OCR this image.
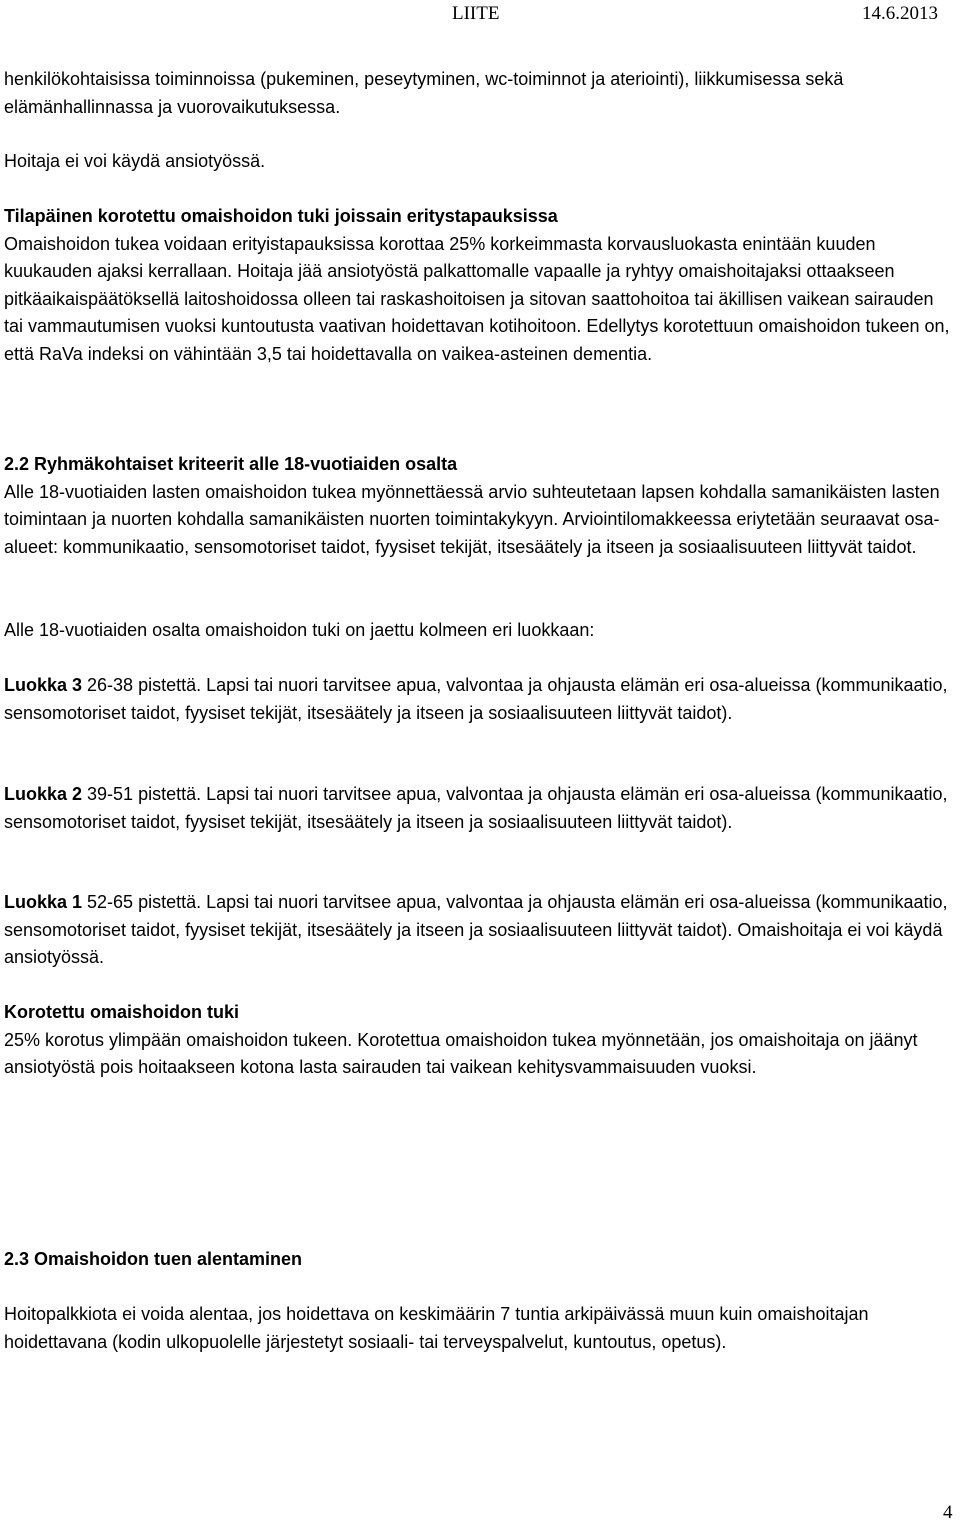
LIITE	14.6.2013
henkilökohtaisissa toiminnoissa (pukeminen, peseytyminen, wc-toiminnot ja ateriointi), liikkumisessa sekä elämänhallinnassa ja vuorovaikutuksessa.
Hoitaja ei voi käydä ansiotyössä.
Tilapäinen korotettu omaishoidon tuki joissain eritystapauksissa
Omaishoidon tukea voidaan erityistapauksissa korottaa 25% korkeimmasta korvausluokasta enintään kuuden kuukauden ajaksi kerrallaan. Hoitaja jää ansiotyöstä palkattomalle vapaalle ja ryhtyy omaishoitajaksi ottaakseen pitkäaikaispäätöksellä laitoshoidossa olleen tai raskashoitoisen ja sitovan saattohoitoa tai äkillisen vaikean sairauden tai vammautumisen vuoksi kuntoutusta vaativan hoidettavan kotihoitoon. Edellytys korotettuun omaishoidon tukeen on, että RaVa indeksi on vähintään 3,5 tai hoidettavalla on vaikea-asteinen dementia.
2.2 Ryhmäkohtaiset kriteerit alle 18-vuotiaiden osalta
Alle 18-vuotiaiden lasten omaishoidon tukea myönnettäessä arvio suhteutetaan lapsen kohdalla samanikäisten lasten toimintaan ja nuorten kohdalla samanikäisten nuorten toimintakykyyn. Arviointilomakkeessa eriytetään seuraavat osa-alueet: kommunikaatio, sensomotoriset taidot, fyysiset tekijät, itsesäätely ja itseen ja sosiaalisuuteen liittyvät taidot.
Alle 18-vuotiaiden osalta omaishoidon tuki on jaettu kolmeen eri luokkaan:
Luokka 3 26-38 pistettä. Lapsi tai nuori tarvitsee apua, valvontaa ja ohjausta elämän eri osa-alueissa (kommunikaatio, sensomotoriset taidot, fyysiset tekijät, itsesäätely ja itseen ja sosiaalisuuteen liittyvät taidot).
Luokka 2 39-51 pistettä. Lapsi tai nuori tarvitsee apua, valvontaa ja ohjausta elämän eri osa-alueissa (kommunikaatio, sensomotoriset taidot, fyysiset tekijät, itsesäätely ja itseen ja sosiaalisuuteen liittyvät taidot).
Luokka 1 52-65 pistettä. Lapsi tai nuori tarvitsee apua, valvontaa ja ohjausta elämän eri osa-alueissa (kommunikaatio, sensomotoriset taidot, fyysiset tekijät, itsesäätely ja itseen ja sosiaalisuuteen liittyvät taidot). Omaishoitaja ei voi käydä ansiotyössä.
Korotettu omaishoidon tuki
25% korotus ylimpään omaishoidon tukeen. Korotettua omaishoidon tukea myönnetään, jos omaishoitaja on jäänyt ansiotyöstä pois hoitaakseen kotona lasta sairauden tai vaikean kehitysvammaisuuden vuoksi.
2.3 Omaishoidon tuen alentaminen
Hoitopalkkiota ei voida alentaa, jos hoidettava on keskimäärin 7 tuntia arkipäivässä muun kuin omaishoitajan hoidettavana (kodin ulkopuolelle järjestetyt sosiaali- tai terveyspalvelut, kuntoutus, opetus).
4
